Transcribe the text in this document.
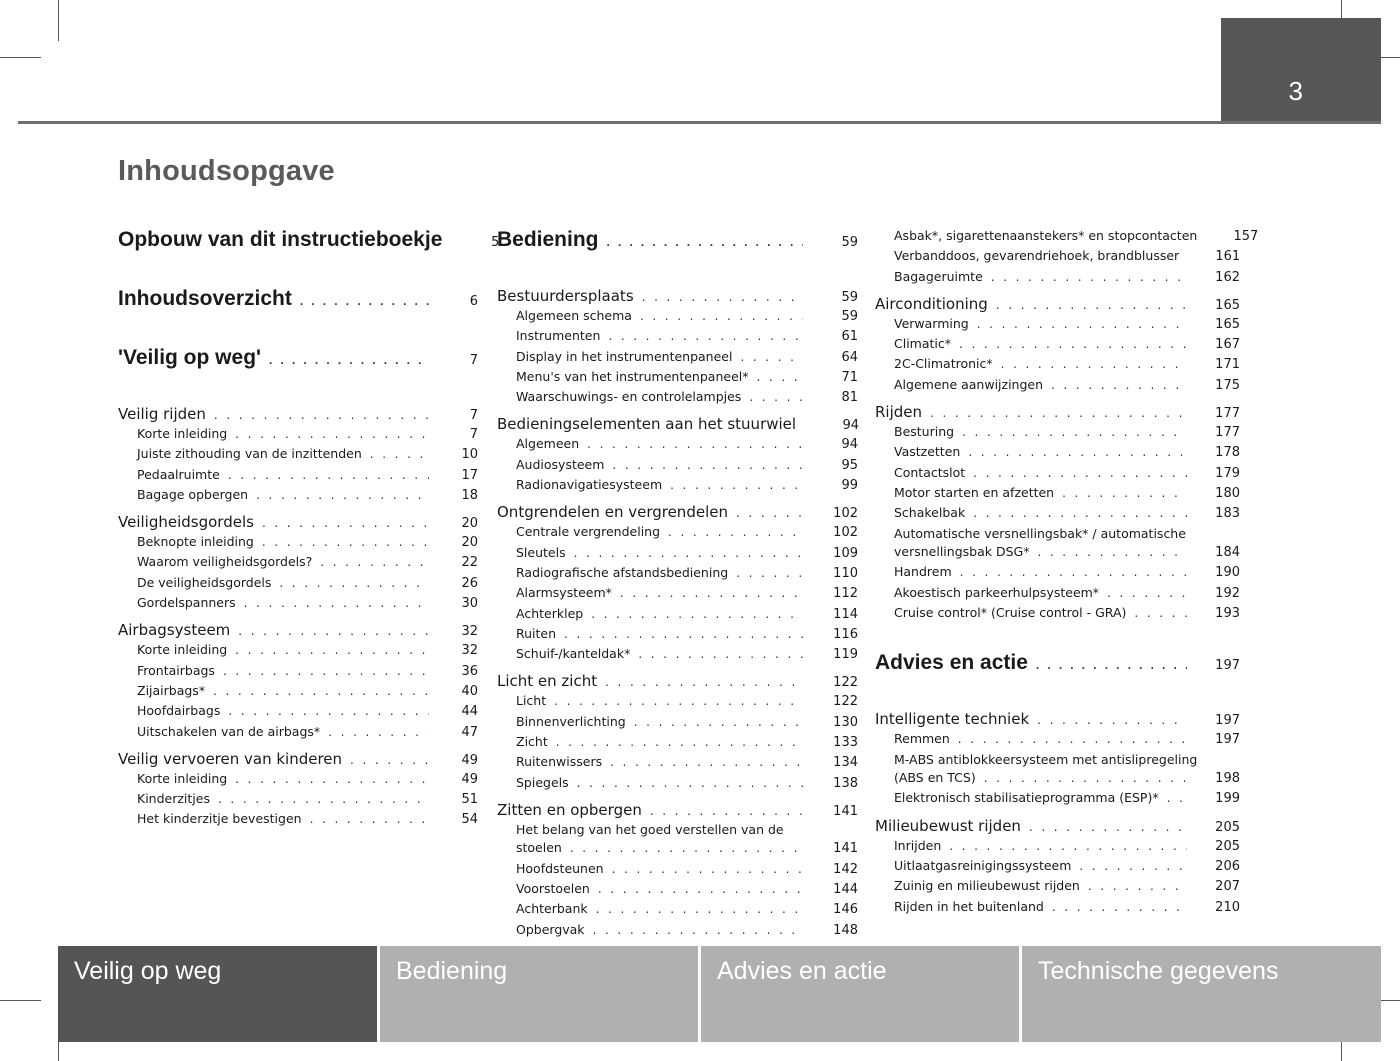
3
Inhoudsopgave
Opbouw van dit instructieboekje	5
Inhoudsoverzicht . . .	6
'Veilig op weg' . . .	7
Veilig rijden . . .	7
Korte inleiding . . .	7
Juiste zithouding van de inzittenden . . .	10
Pedaalruimte . . .	17
Bagage opbergen . . .	18
Veiligheidsgordels . . .	20
Beknopte inleiding . . .	20
Waarom veiligheidsgordels? . . .	22
De veiligheidsgordels . . .	26
Gordelspanners . . .	30
Airbagsysteem . . .	32
Korte inleiding . . .	32
Frontairbags . . .	36
Zijairbags* . . .	40
Hoofdairbags . . .	44
Uitschakelen van de airbags* . . .	47
Veilig vervoeren van kinderen . . .	49
Korte inleiding . . .	49
Kinderzitjes . . .	51
Het kinderzitje bevestigen . . .	54
Bediening . . .	59
Bestuurdersplaats . . .	59
Algemeen schema . . .	59
Instrumenten . . .	61
Display in het instrumentenpaneel . . .	64
Menu's van het instrumentenpaneel* . . .	71
Waarschuwings- en controlelampjes . . .	81
Bedieningselementen aan het stuurwiel	94
Algemeen . . .	94
Audiosysteem . . .	95
Radionavigatiesysteem . . .	99
Ontgrendelen en vergrendelen . . .	102
Centrale vergrendeling . . .	102
Sleutels . . .	109
Radiografische afstandsbediening . . .	110
Alarmsysteem* . . .	112
Achterklep . . .	114
Ruiten . . .	116
Schuif-/kanteldak* . . .	119
Licht en zicht . . .	122
Licht . . .	122
Binnenverlichting . . .	130
Zicht . . .	133
Ruitenwissers . . .	134
Spiegels . . .	138
Zitten en opbergen . . .	141
Het belang van het goed verstellen van de
stoelen . . .	141
Hoofdsteunen . . .	142
Voorstoelen . . .	144
Achterbank . . .	146
Opbergvak . . .	148
Asbak*, sigarettenaanstekers* en stopcontacten	157
Verbanddoos, gevarendriehoek, brandblusser	161
Bagageruimte . . .	162
Airconditioning . . .	165
Verwarming . . .	165
Climatic* . . .	167
2C-Climatronic* . . .	171
Algemene aanwijzingen . . .	175
Rijden . . .	177
Besturing . . .	177
Vastzetten . . .	178
Contactslot . . .	179
Motor starten en afzetten . . .	180
Schakelbak . . .	183
Automatische versnellingsbak* / automatische
versnellingsbak DSG* . . .	184
Handrem . . .	190
Akoestisch parkeerhulpsysteem* . . .	192
Cruise control* (Cruise control - GRA) . . .	193
Advies en actie . . .	197
Intelligente techniek . . .	197
Remmen . . .	197
M-ABS antiblokkeersysteem met antislipregeling
(ABS en TCS) . . .	198
Elektronisch stabilisatieprogramma (ESP)* . . .	199
Milieubewust rijden . . .	205
Inrijden . . .	205
Uitlaatgasreinigingssysteem . . .	206
Zuinig en milieubewust rijden . . .	207
Rijden in het buitenland . . .	210
Veilig op weg	Bediening	Advies en actie	Technische gegevens
